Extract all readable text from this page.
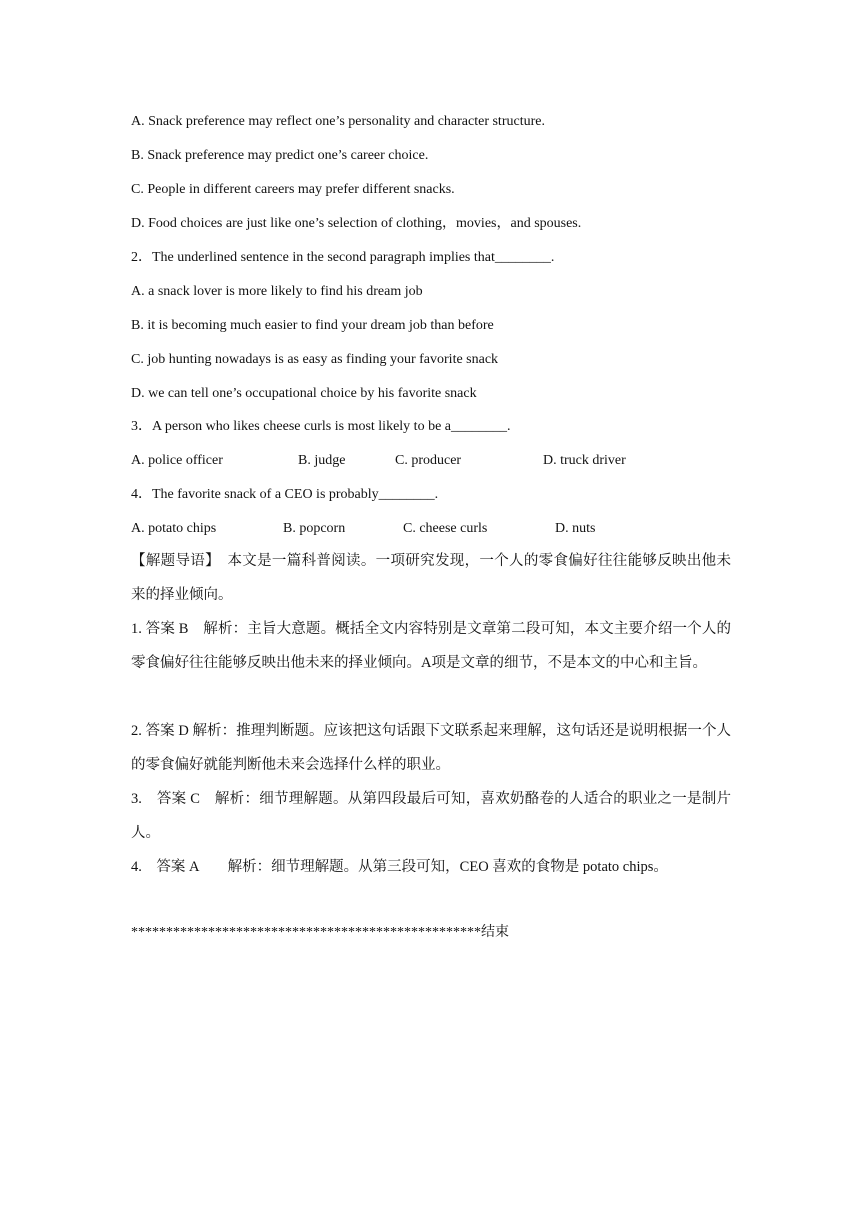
A. Snack preference may reflect one’s personality and character structure.
B. Snack preference may predict one’s career choice.
C. People in different careers may prefer different snacks.
D. Food choices are just like one’s selection of clothing，movies，and spouses.
2．The underlined sentence in the second paragraph implies that________.
A. a snack lover is more likely to find his dream job
B. it is becoming much easier to find your dream job than before
C. job hunting nowadays is as easy as finding your favorite snack
D. we can tell one’s occupational choice by his favorite snack
3．A person who likes cheese curls is most likely to be a________.
A. police officer	B. judge	C. producer	D. truck driver
4．The favorite snack of a CEO is probably________.
A. potato chips	B. popcorn	C. cheese curls	D. nuts
【解题导语】　本文是一篇科普阅读。一项研究发现，一个人的零食偏好往往能够反映出他未来的择业倾向。
1. 答案 B　解析：主旨大意题。概括全文内容特别是文章第二段可知，本文主要介绍一个人的零食偏好往往能够反映出他未来的择业倾向。A项是文章的细节，不是本文的中心和主旨。
2. 答案 D 解析：推理判断题。应该把这句话跟下文联系起来理解，这句话还是说明根据一个人的零食偏好就能判断他未来会选择什么样的职业。
3.　答案 C　解析：细节理解题。从第四段最后可知，喜欢奶酪卷的人适合的职业之一是制片人。
4.　答案 A　　解析：细节理解题。从第三段可知，CEO 喜欢的食物是 potato chips。
**************************************************结束
